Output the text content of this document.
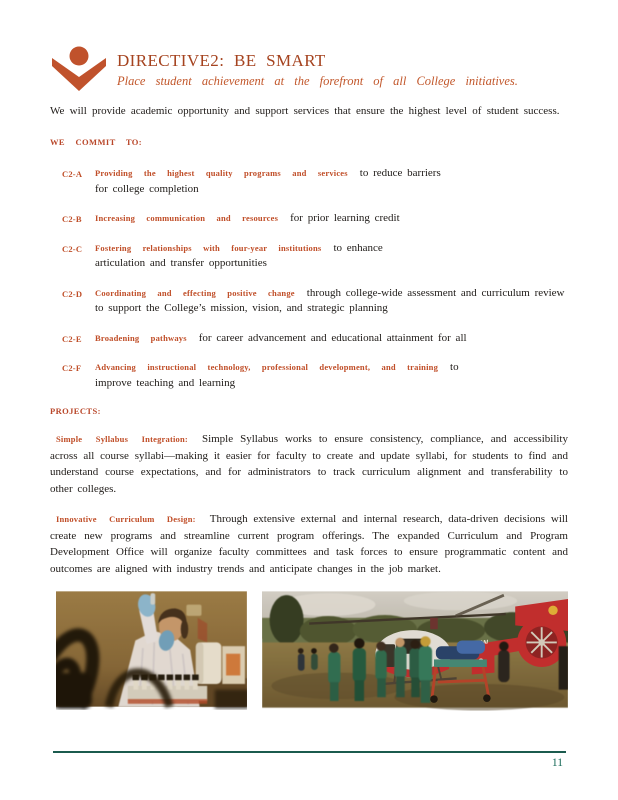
DIRECTIVE2: BE SMART

Place student achievement at the forefront of all College initiatives.

We will provide academic opportunity and support services that ensure the highest level of student success.

WE COMMIT TO:

C2-A	Providing the highest quality programs and services to reduce barriers for college completion
C2-B	Increasing communication and resources for prior learning credit
C2-C	Fostering relationships with four-year institutions to enhance articulation and transfer opportunities
C2-D	Coordinating and effecting positive change through college-wide assessment and curriculum review to support the College’s mission, vision, and strategic planning
C2-E	Broadening pathways for career advancement and educational attainment for all
C2-F	Advancing instructional technology, professional development, and training to improve teaching and learning

PROJECTS:

Simple Syllabus Integration: Simple Syllabus works to ensure consistency, compliance, and accessibility across all course syllabi—making it easier for faculty to create and update syllabi, for students to find and understand course expectations, and for administrators to track curriculum alignment and transferability to other colleges.

Innovative Curriculum Design: Through extensive external and internal research, data-driven decisions will create new programs and streamline current program offerings. The expanded Curriculum and Program Development Office will organize faculty committees and task forces to ensure programmatic content and outcomes are aligned with industry trends and anticipate changes in the job market.

11
